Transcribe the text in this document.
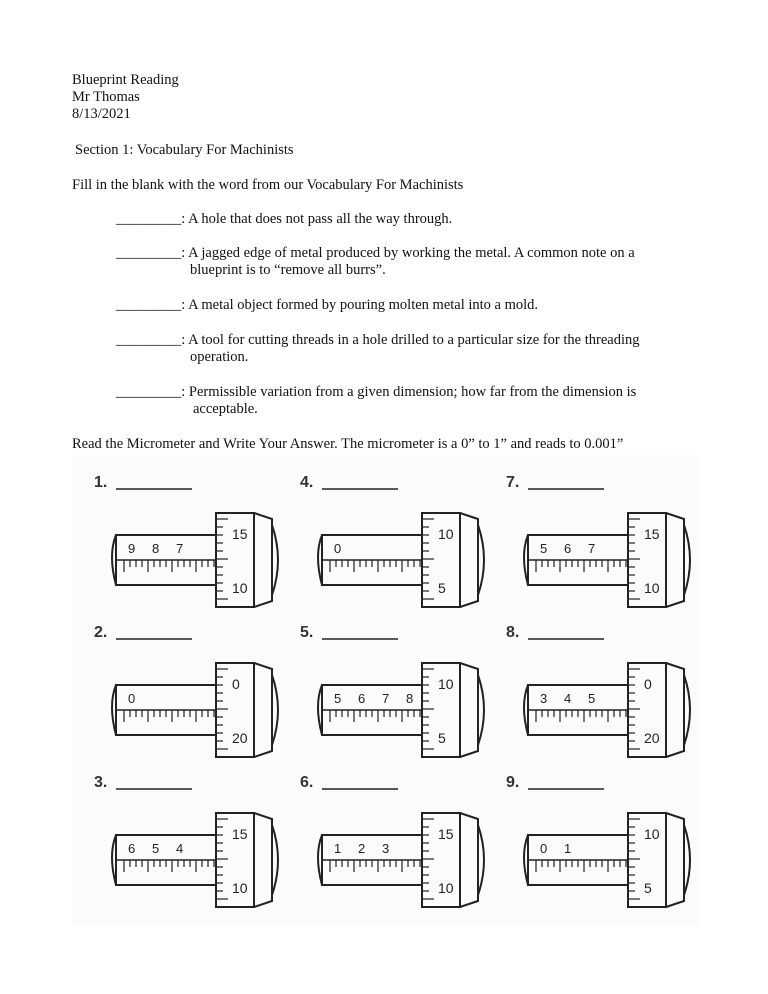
Blueprint Reading
Mr Thomas
8/13/2021
Section 1: Vocabulary For Machinists
Fill in the blank with the word from our Vocabulary For Machinists
_________: A hole that does not pass all the way through.
_________: A jagged edge of metal produced by working the metal. A common note on a
blueprint is to “remove all burrs”.
_________: A metal object formed by pouring molten metal into a mold.
_________: A tool for cutting threads in a hole drilled to a particular size for the threading
operation.
_________: Permissible variation from a given dimension; how far from the dimension is
acceptable.
Read the Micrometer and Write Your Answer. The micrometer is a 0” to 1” and reads to 0.001”
1.
9 8 7
15
10
2.
0
0
20
3.
6 5 4
15
10
4.
0
10
5
5.
5 6 7 8
10
5
6.
1 2 3
15
10
7.
5 6 7
15
10
8.
3 4 5
0
20
9.
0 1
10
5
